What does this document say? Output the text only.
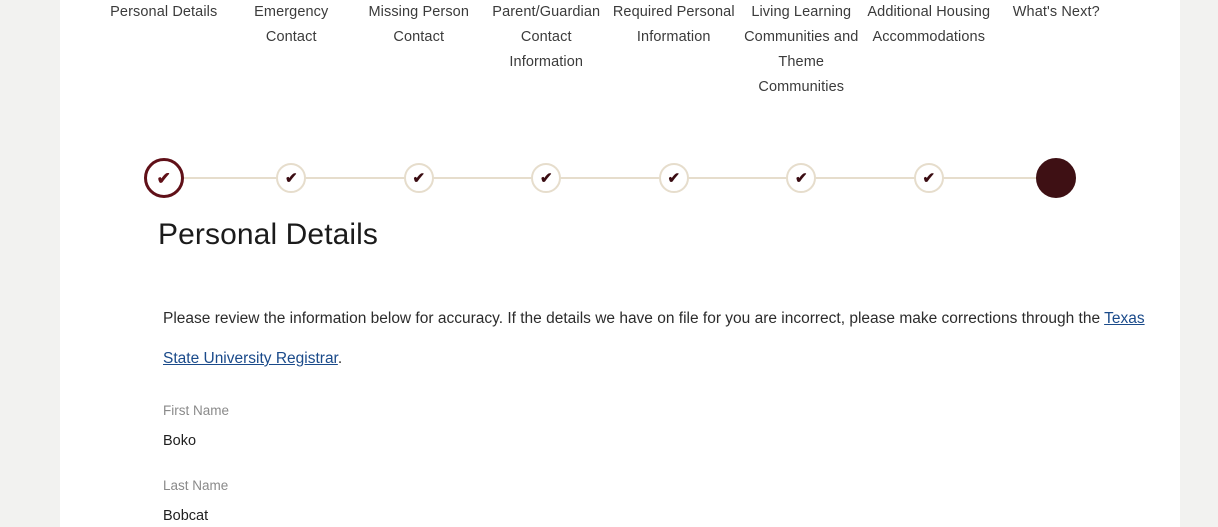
Personal Details	Emergency Contact
Missing Person Contact
Parent/Guardian Contact Information
Required Personal Information
Living Learning Communities and Theme Communities
Additional Housing Accommodations
What's Next?
✔	✔	✔	✔	✔	✔	✔
Personal Details

Please review the information below for accuracy. If the details we have on file for you are incorrect, please make corrections through the Texas State University Registrar.

First Name
Boko
Last Name
Bobcat
